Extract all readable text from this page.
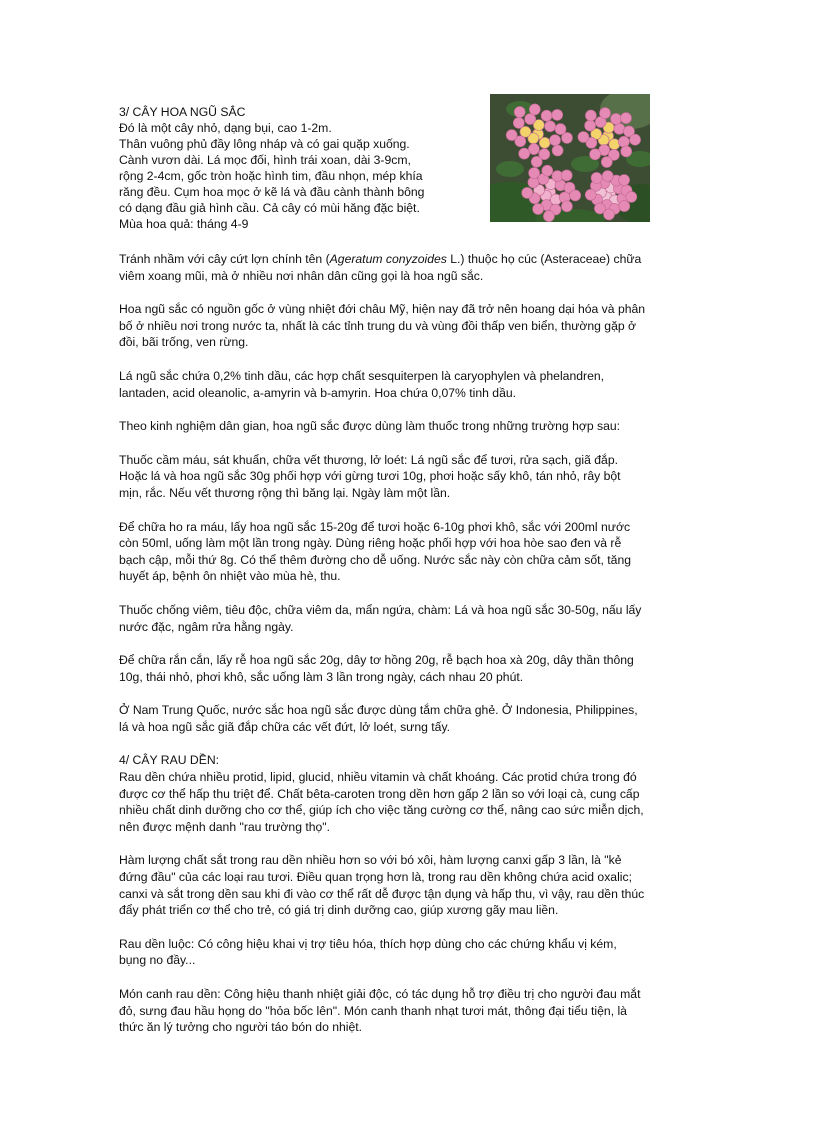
3/ CÂY HOA NGŨ SẮC
Đó là một cây nhỏ, dạng bụi, cao 1-2m.
Thân vuông phủ đầy lông nháp và có gai quặp xuống.
Cành vươn dài. Lá mọc đối, hình trái xoan, dài 3-9cm,
rộng 2-4cm, gốc tròn hoặc hình tim, đầu nhọn, mép khía
răng đều. Cụm hoa mọc ở kẽ lá và đầu cành thành bông
có dạng đầu giả hình cầu. Cả cây có mùi hăng đặc biệt.
Mùa hoa quả: tháng 4-9

Tránh nhầm với cây cứt lợn chính tên (Ageratum conyzoides L.) thuộc họ cúc (Asteraceae) chữa
viêm xoang mũi, mà ở nhiều nơi nhân dân cũng gọi là hoa ngũ sắc.

Hoa ngũ sắc có nguồn gốc ở vùng nhiệt đới châu Mỹ, hiện nay đã trở nên hoang dại hóa và phân
bố ở nhiều nơi trong nước ta, nhất là các tỉnh trung du và vùng đồi thấp ven biển, thường gặp ở
đồi, bãi trống, ven rừng.

Lá ngũ sắc chứa 0,2% tinh dầu, các hợp chất sesquiterpen là caryophylen và phelandren,
lantaden, acid oleanolic, a-amyrin và b-amyrin. Hoa chứa 0,07% tinh dầu.

Theo kinh nghiệm dân gian, hoa ngũ sắc được dùng làm thuốc trong những trường hợp sau:

Thuốc cầm máu, sát khuẩn, chữa vết thương, lở loét: Lá ngũ sắc để tươi, rửa sạch, giã đắp.
Hoặc lá và hoa ngũ sắc 30g phối hợp với gừng tươi 10g, phơi hoặc sấy khô, tán nhỏ, rây bột
mịn, rắc. Nếu vết thương rộng thì băng lại. Ngày làm một lần.

Để chữa ho ra máu, lấy hoa ngũ sắc 15-20g để tươi hoặc 6-10g phơi khô, sắc với 200ml nước
còn 50ml, uống làm một lần trong ngày. Dùng riêng hoặc phối hợp với hoa hòe sao đen và rễ
bạch cập, mỗi thứ 8g. Có thể thêm đường cho dễ uống. Nước sắc này còn chữa cảm sốt, tăng
huyết áp, bệnh ôn nhiệt vào mùa hè, thu.

Thuốc chống viêm, tiêu độc, chữa viêm da, mẩn ngứa, chàm: Lá và hoa ngũ sắc 30-50g, nấu lấy
nước đặc, ngâm rửa hằng ngày.

Để chữa rắn cắn, lấy rễ hoa ngũ sắc 20g, dây tơ hồng 20g, rễ bạch hoa xà 20g, dây thần thông
10g, thái nhỏ, phơi khô, sắc uống làm 3 lần trong ngày, cách nhau 20 phút.

Ở Nam Trung Quốc, nước sắc hoa ngũ sắc được dùng tắm chữa ghẻ. Ở Indonesia, Philippines,
lá và hoa ngũ sắc giã đắp chữa các vết đứt, lở loét, sưng tấy.

4/ CÂY RAU DỀN:

Rau dền chứa nhiều protid, lipid, glucid, nhiều vitamin và chất khoáng. Các protid chứa trong đó
được cơ thể hấp thu triệt để. Chất bêta-caroten trong dền hơn gấp 2 lần so với loại cà, cung cấp
nhiều chất dinh dưỡng cho cơ thể, giúp ích cho việc tăng cường cơ thể, nâng cao sức miễn dịch,
nên được mệnh danh "rau trường thọ".

Hàm lượng chất sắt trong rau dền nhiều hơn so với bó xôi, hàm lượng canxi gấp 3 lần, là "kẻ
đứng đầu" của các loại rau tươi. Điều quan trọng hơn là, trong rau dền không chứa acid oxalic;
canxi và sắt trong dền sau khi đi vào cơ thể rất dễ được tận dụng và hấp thu, vì vậy, rau dền thúc
đẩy phát triển cơ thể cho trẻ, có giá trị dinh dưỡng cao, giúp xương gãy mau liền.

Rau dền luộc: Có công hiệu khai vị trợ tiêu hóa, thích hợp dùng cho các chứng khẩu vị kém,
bụng no đầy...

Món canh rau dền: Công hiệu thanh nhiệt giải độc, có tác dụng hỗ trợ điều trị cho người đau mắt
đỏ, sưng đau hầu họng do "hỏa bốc lên". Món canh thanh nhạt tươi mát, thông đại tiểu tiện, là
thức ăn lý tưởng cho người táo bón do nhiệt.
